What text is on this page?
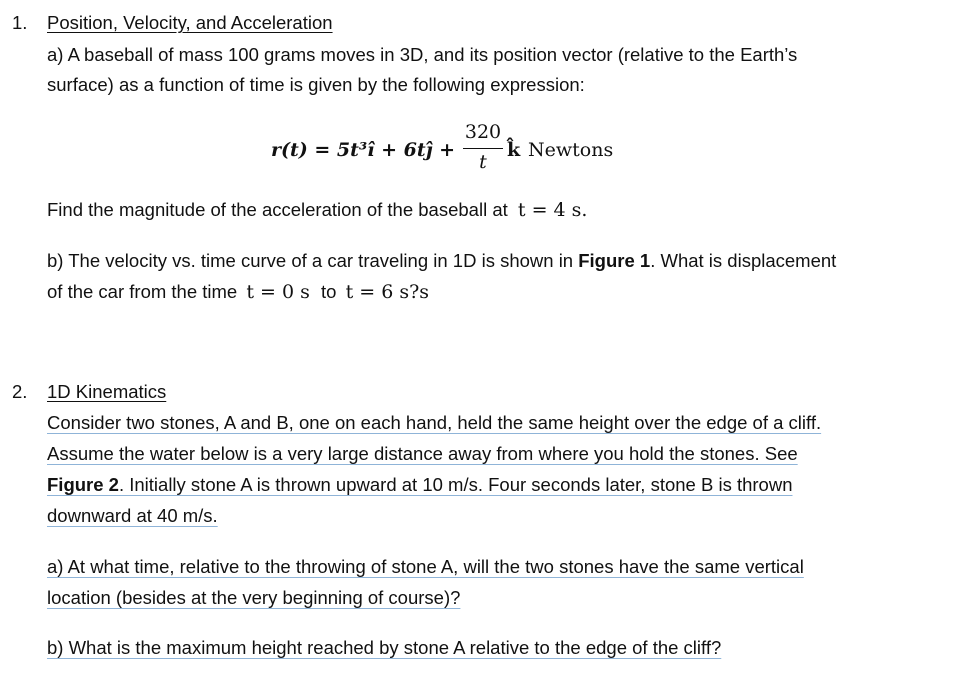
1. Position, Velocity, and Acceleration
a) A baseball of mass 100 grams moves in 3D, and its position vector (relative to the Earth’s
surface) as a function of time is given by the following expression:
r(t) = 5t³î + 6tĵ +
320
t
k̂ Newtons
Find the magnitude of the acceleration of the baseball at t = 4 s.
b) The velocity vs. time curve of a car traveling in 1D is shown in Figure 1. What is displacement
of the car from the time t = 0 s to t = 6 s?s
2. 1D Kinematics
Consider two stones, A and B, one on each hand, held the same height over the edge of a cliff.
Assume the water below is a very large distance away from where you hold the stones. See
Figure 2. Initially stone A is thrown upward at 10 m/s. Four seconds later, stone B is thrown
downward at 40 m/s.
a) At what time, relative to the throwing of stone A, will the two stones have the same vertical
location (besides at the very beginning of course)?
b) What is the maximum height reached by stone A relative to the edge of the cliff?
